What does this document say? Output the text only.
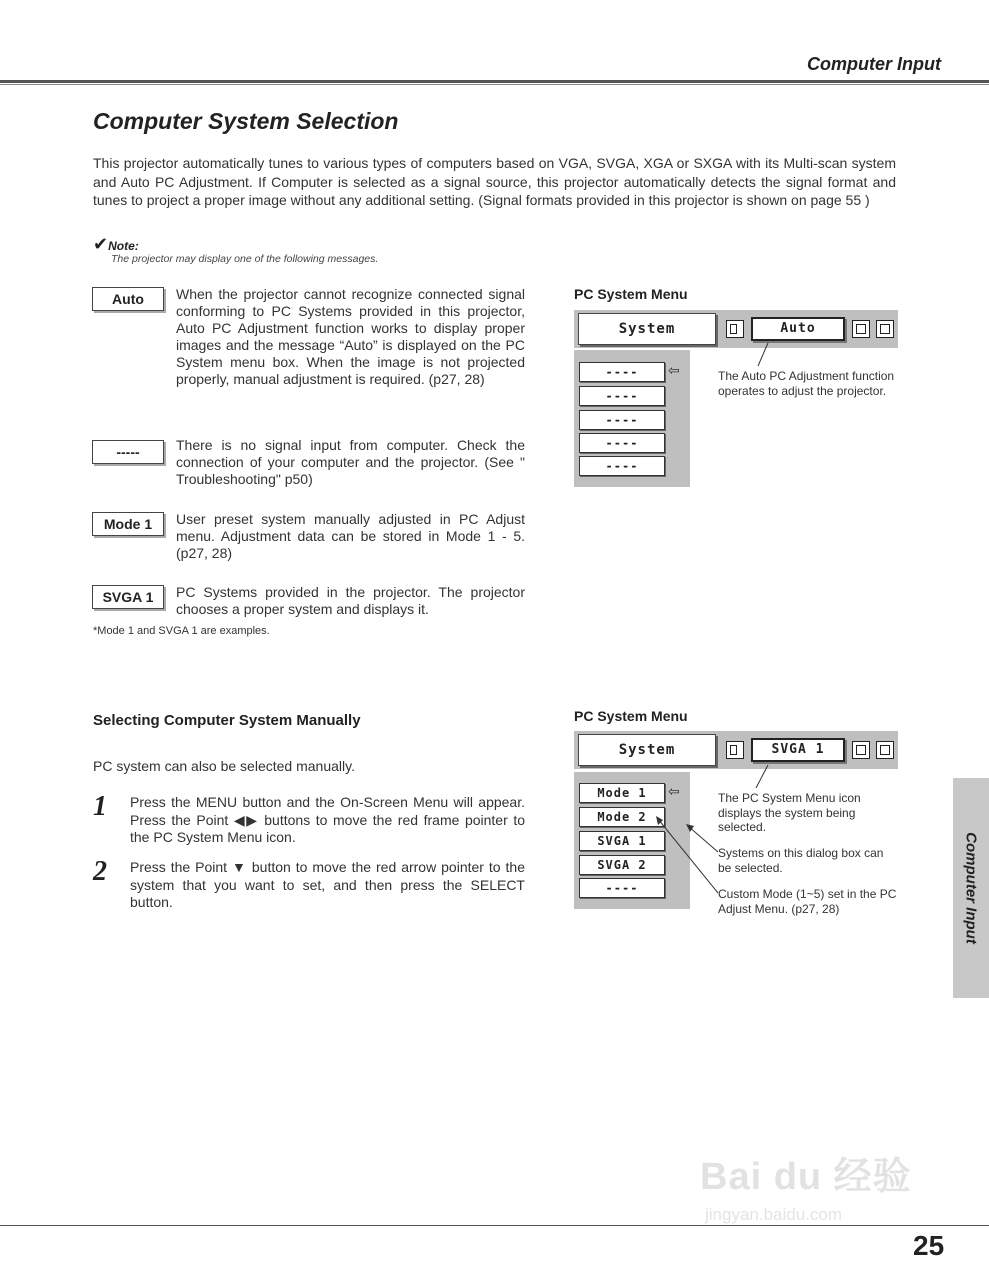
Computer Input
Computer System Selection
This projector automatically tunes to various types of computers based on VGA, SVGA, XGA or SXGA with its Multi-scan system and Auto PC Adjustment. If Computer is selected as a signal source, this projector automatically detects the signal format and tunes to project a proper image without any additional setting. (Signal formats provided in this projector is shown on page 55 )
✔Note:
The projector may display one of the following messages.
Auto	When the projector cannot recognize connected signal conforming to PC Systems provided in this projector, Auto PC Adjustment function works to display proper images and the message “Auto” is displayed on the PC System menu box. When the image is not projected properly, manual adjustment is required. (p27, 28)
-----	There is no signal input from computer. Check the connection of your computer and the projector. (See " Troubleshooting" p50)
Mode 1	User preset system manually adjusted in PC Adjust menu. Adjustment data can be stored in Mode 1 - 5. (p27, 28)
SVGA 1	PC Systems provided in the projector. The projector chooses a proper system and displays it.
*Mode 1 and SVGA 1 are examples.
PC System Menu
System	Auto
----	⇦
----
----
----
----
The Auto PC Adjustment function operates to adjust the projector.
Selecting Computer System Manually
PC system can also be selected manually.
1 Press the MENU button and the On-Screen Menu will appear. Press the Point ◀▶ buttons to move the red frame pointer to the PC System Menu icon.
2 Press the Point ▼ button to move the red arrow pointer to the system that you want to set, and then press the SELECT button.
PC System Menu
System	SVGA 1
Mode 1	⇦
Mode 2
SVGA 1
SVGA 2
----
The PC System Menu icon displays the system being selected.
Systems on this dialog box can be selected.
Custom Mode (1~5) set in the PC Adjust Menu. (p27, 28)	Computer Input
Bai du 经验
jingyan.baidu.com
25
